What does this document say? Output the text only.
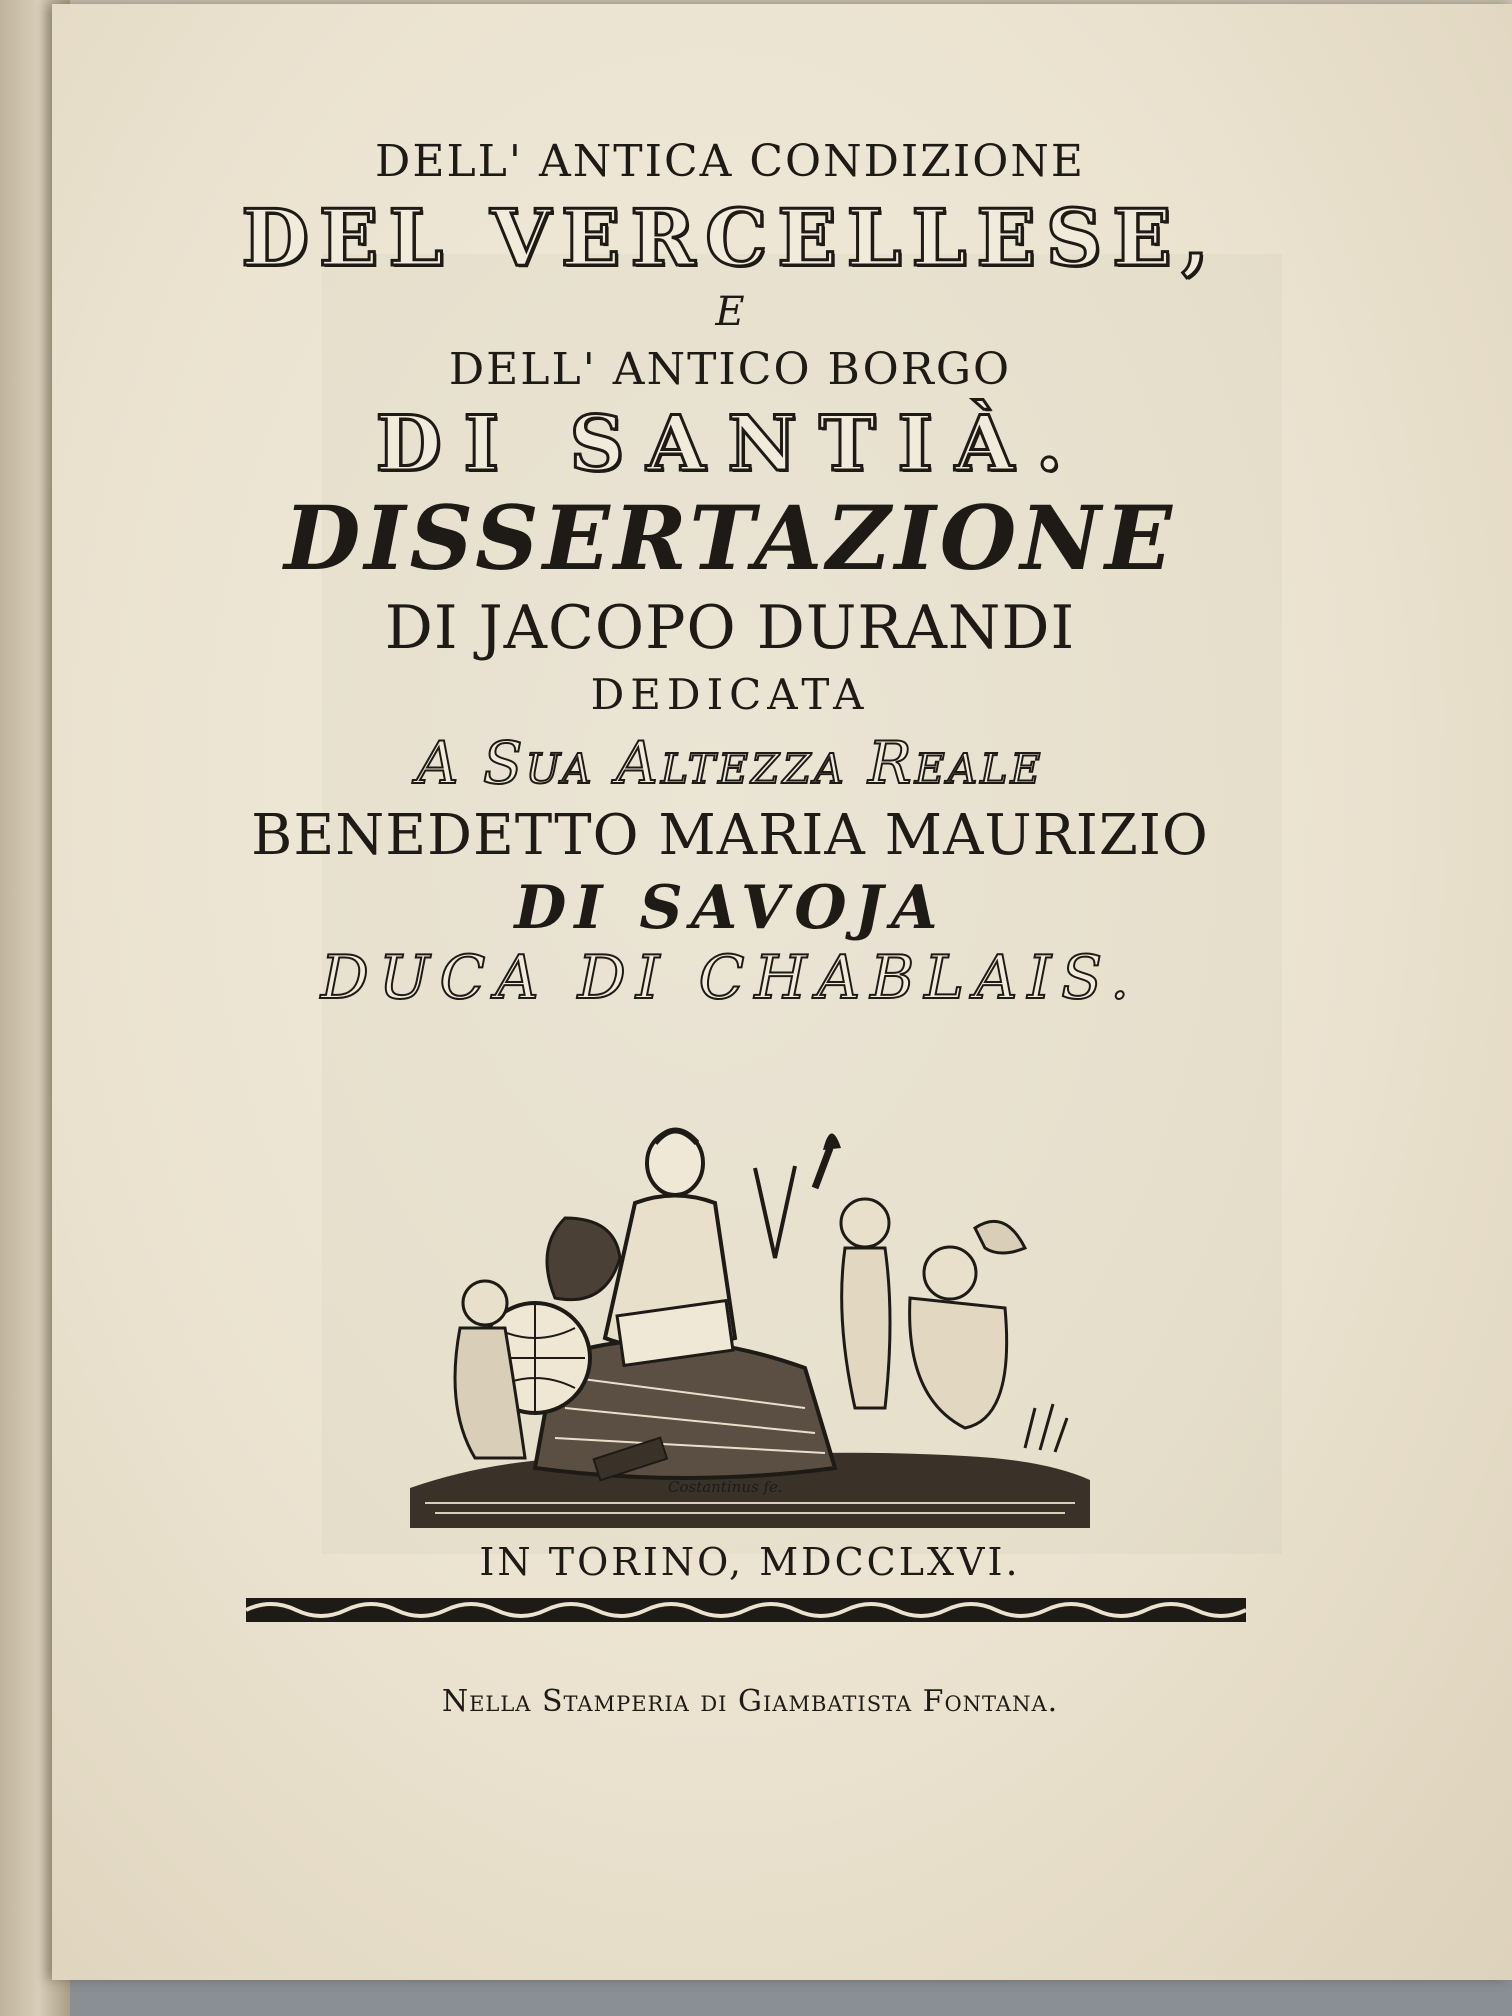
DELL' ANTICA CONDIZIONE
DEL VERCELLESE,
E
DELL' ANTICO BORGO
DI SANTIÀ.
DISSERTAZIONE
DI JACOPO DURANDI
DEDICATA
A Sua Altezza Reale
BENEDETTO MARIA MAURIZIO
DI SAVOJA
DUCA DI CHABLAIS.
Costantinus fe.
IN TORINO, MDCCLXVI.
Nella Stamperia di Giambatista Fontana.
